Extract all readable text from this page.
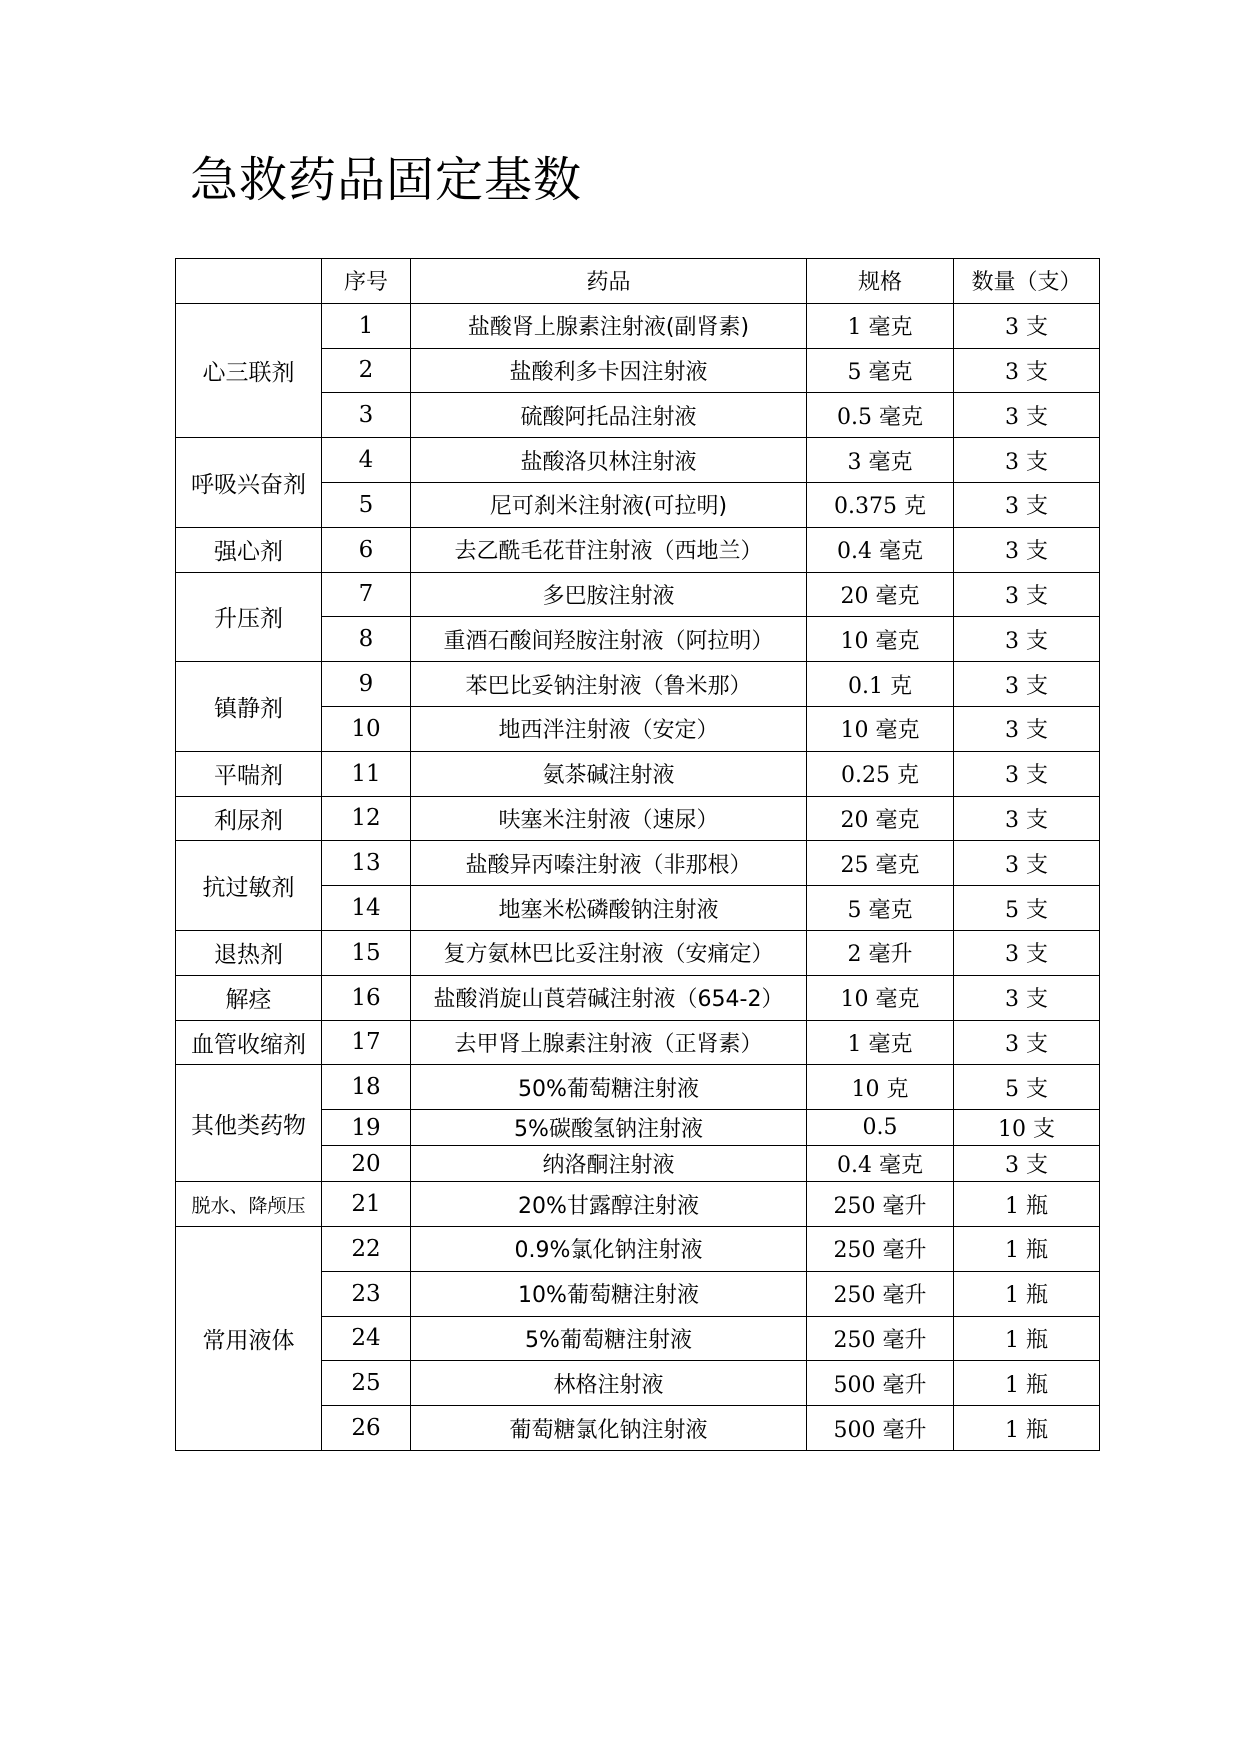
急救药品固定基数
	序号	药品	规格	数量（支）
心三联剂	1	盐酸肾上腺素注射液(副肾素)	1 毫克	3 支
	2	盐酸利多卡因注射液	5 毫克	3 支
	3	硫酸阿托品注射液	0.5 毫克	3 支
呼吸兴奋剂	4	盐酸洛贝林注射液	3 毫克	3 支
	5	尼可刹米注射液(可拉明)	0.375 克	3 支
强心剂	6	去乙酰毛花苷注射液（西地兰）	0.4 毫克	3 支
升压剂	7	多巴胺注射液	20 毫克	3 支
	8	重酒石酸间羟胺注射液（阿拉明）	10 毫克	3 支
镇静剂	9	苯巴比妥钠注射液（鲁米那）	0.1 克	3 支
	10	地西泮注射液（安定）	10 毫克	3 支
平喘剂	11	氨茶碱注射液	0.25 克	3 支
利尿剂	12	呋塞米注射液（速尿）	20 毫克	3 支
抗过敏剂	13	盐酸异丙嗪注射液（非那根）	25 毫克	3 支
	14	地塞米松磷酸钠注射液	5 毫克	5 支
退热剂	15	复方氨林巴比妥注射液（安痛定）	2 毫升	3 支
解痉	16	盐酸消旋山莨菪碱注射液（654-2）	10 毫克	3 支
血管收缩剂	17	去甲肾上腺素注射液（正肾素）	1 毫克	3 支
其他类药物	18	50%葡萄糖注射液	10 克	5 支
	19	5%碳酸氢钠注射液	0.5	10 支
	20	纳洛酮注射液	0.4 毫克	3 支
脱水、降颅压	21	20%甘露醇注射液	250 毫升	1 瓶
常用液体	22	0.9%氯化钠注射液	250 毫升	1 瓶
	23	10%葡萄糖注射液	250 毫升	1 瓶
	24	5%葡萄糖注射液	250 毫升	1 瓶
	25	林格注射液	500 毫升	1 瓶
	26	葡萄糖氯化钠注射液	500 毫升	1 瓶
